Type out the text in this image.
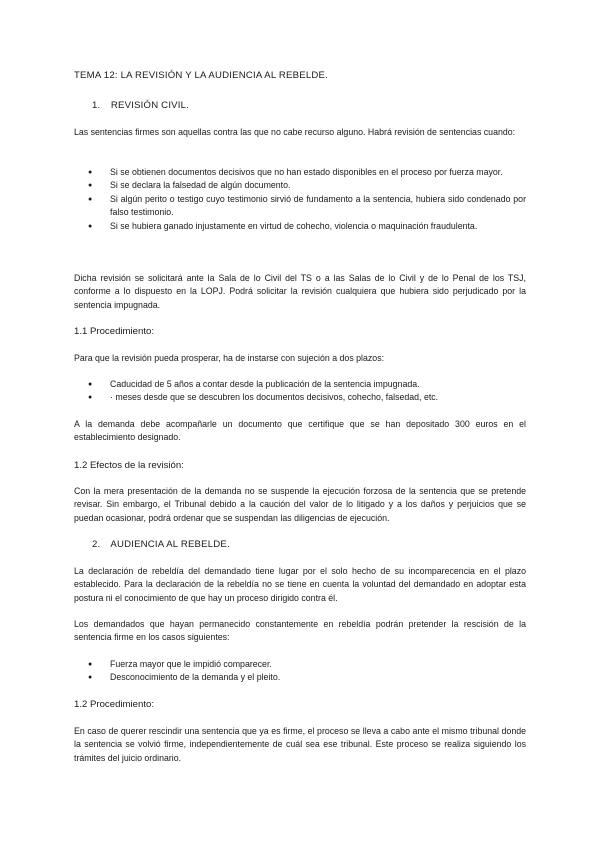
TEMA 12: LA REVISIÓN Y LA AUDIENCIA AL REBELDE.
1. REVISIÓN CIVIL.

Las sentencias firmes son aquellas contra las que no cabe recurso alguno. Habrá revisión de sentencias cuando:

● Si se obtienen documentos decisivos que no han estado disponibles en el proceso por fuerza mayor.
● Si se declara la falsedad de algún documento.
● Si algún perito o testigo cuyo testimonio sirvió de fundamento a la sentencia, hubiera sido condenado por falso testimonio.
● Si se hubiera ganado injustamente en virtud de cohecho, violencia o maquinación fraudulenta.

Dicha revisión se solicitará ante la Sala de lo Civil del TS o a las Salas de lo Civil y de lo Penal de los TSJ, conforme a lo dispuesto en la LOPJ. Podrá solicitar la revisión cualquiera que hubiera sido perjudicado por la sentencia impugnada.

1.1 Procedimiento:

Para que la revisión pueda prosperar, ha de instarse con sujeción a dos plazos:

● Caducidad de 5 años a contar desde la publicación de la sentencia impugnada.
● · meses desde que se descubren los documentos decisivos, cohecho, falsedad, etc.

A la demanda debe acompañarle un documento que certifique que se han depositado 300 euros en el establecimiento designado.

1.2 Efectos de la revisión:

Con la mera presentación de la demanda no se suspende la ejecución forzosa de la sentencia que se pretende revisar. Sin embargo, el Tribunal debido a la caución del valor de lo litigado y a los daños y perjuicios que se puedan ocasionar, podrá ordenar que se suspendan las diligencias de ejecución.

2. AUDIENCIA AL REBELDE.

La declaración de rebeldía del demandado tiene lugar por el solo hecho de su incomparecencia en el plazo establecido. Para la declaración de la rebeldía no se tiene en cuenta la voluntad del demandado en adoptar esta postura ni el conocimiento de que hay un proceso dirigido contra él.

Los demandados que hayan permanecido constantemente en rebeldía podrán pretender la rescisión de la sentencia firme en los casos siguientes:

● Fuerza mayor que le impidió comparecer.
● Desconocimiento de la demanda y el pleito.
1.2 Procedimiento:

En caso de querer rescindir una sentencia que ya es firme, el proceso se lleva a cabo ante el mismo tribunal donde la sentencia se volvió firme, independientemente de cuál sea ese tribunal. Este proceso se realiza siguiendo los trámites del juicio ordinario.
